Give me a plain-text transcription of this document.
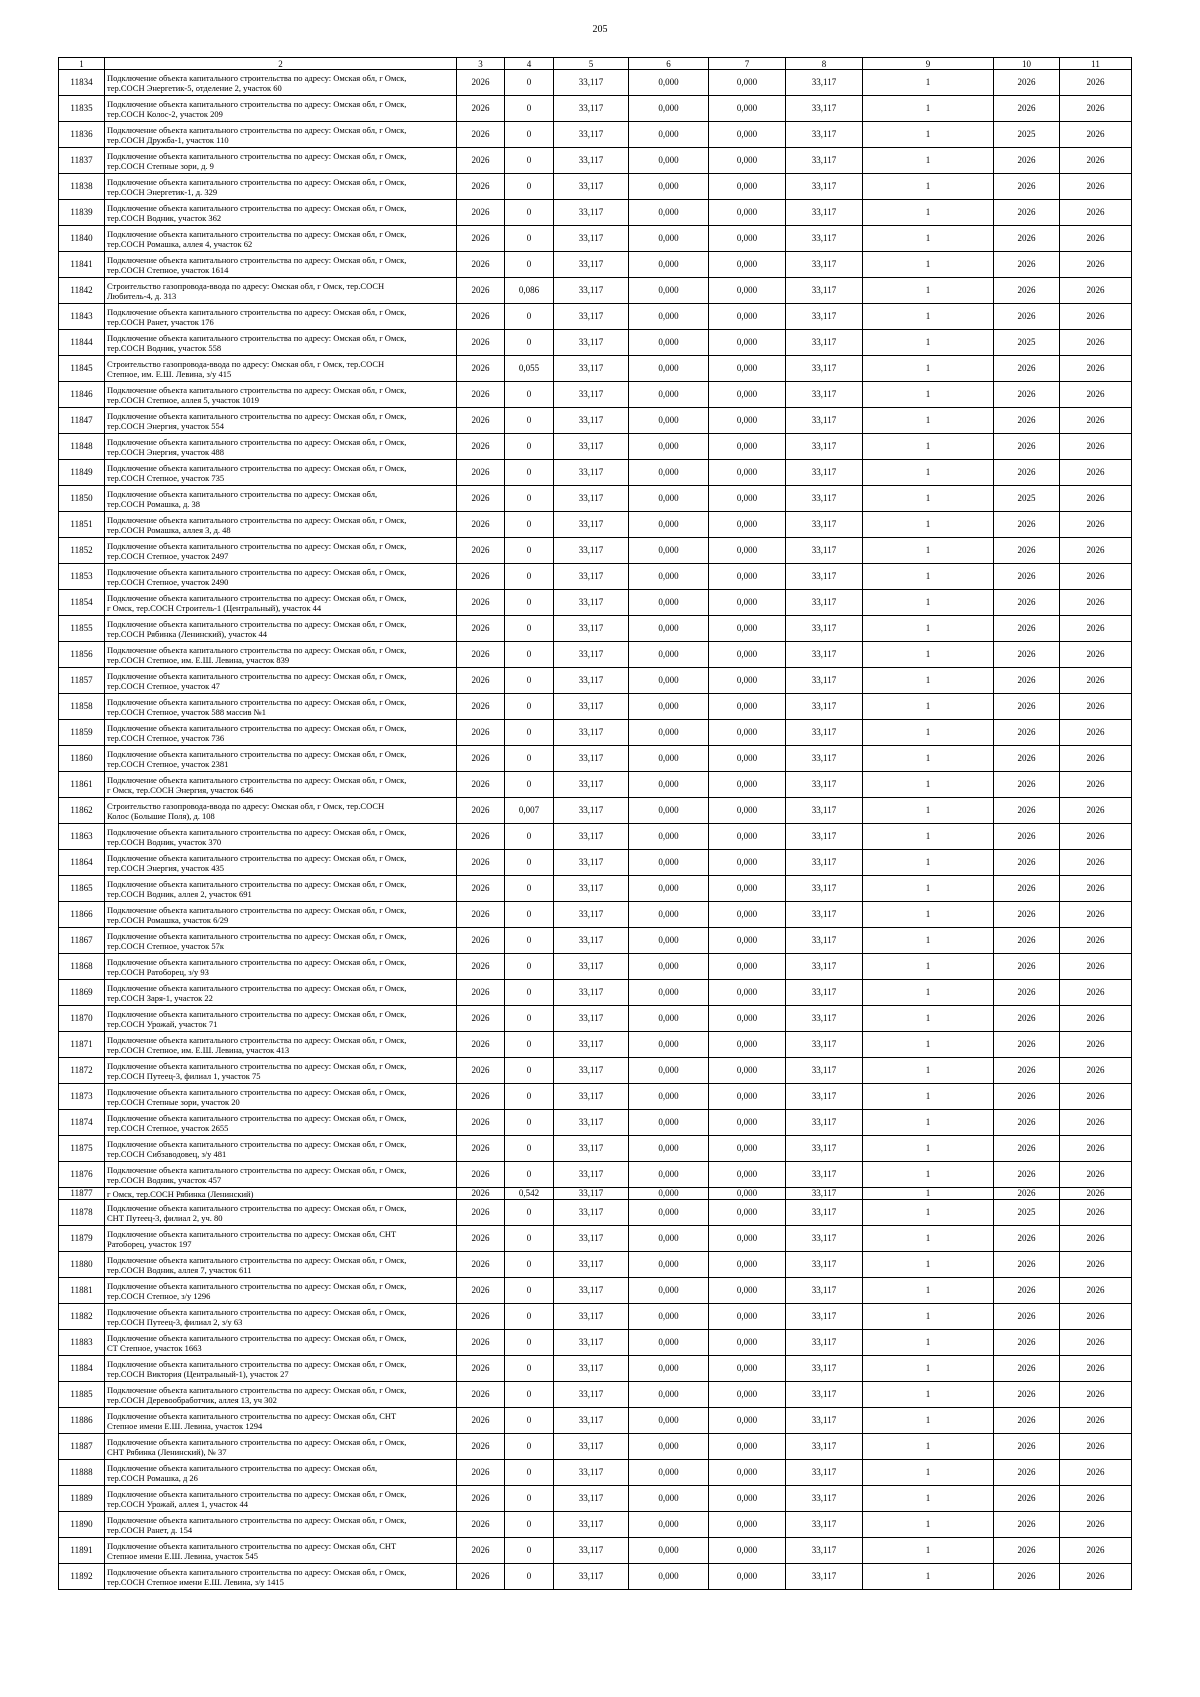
205
1	2	3	4	5	6	7	8	9	10	11
11834	Подключение объекта капитального строительства по адресу: Омская обл, г Омск,
тер.СОСН Энергетик-5, отделение 2, участок 60	2026	0	33,117	0,000	0,000	33,117	1	2026	2026
11835	Подключение объекта капитального строительства по адресу: Омская обл, г Омск,
тер.СОСН Колос-2, участок 209	2026	0	33,117	0,000	0,000	33,117	1	2026	2026
11836	Подключение объекта капитального строительства по адресу: Омская обл, г Омск,
тер.СОСН Дружба-1, участок 110	2026	0	33,117	0,000	0,000	33,117	1	2025	2026
11837	Подключение объекта капитального строительства по адресу: Омская обл, г Омск,
тер.СОСН Степные зори, д. 9	2026	0	33,117	0,000	0,000	33,117	1	2026	2026
11838	Подключение объекта капитального строительства по адресу: Омская обл, г Омск,
тер.СОСН Энергетик-1, д. 329	2026	0	33,117	0,000	0,000	33,117	1	2026	2026
11839	Подключение объекта капитального строительства по адресу: Омская обл, г Омск,
тер.СОСН Водник, участок 362	2026	0	33,117	0,000	0,000	33,117	1	2026	2026
11840	Подключение объекта капитального строительства по адресу: Омская обл, г Омск,
тер.СОСН Ромашка, аллея 4, участок 62	2026	0	33,117	0,000	0,000	33,117	1	2026	2026
11841	Подключение объекта капитального строительства по адресу: Омская обл, г Омск,
тер.СОСН Степное, участок 1614	2026	0	33,117	0,000	0,000	33,117	1	2026	2026
11842	Строительство газопровода-ввода по адресу: Омская обл, г Омск, тер.СОСН
Любитель-4, д. 313	2026	0,086	33,117	0,000	0,000	33,117	1	2026	2026
11843	Подключение объекта капитального строительства по адресу: Омская обл, г Омск,
тер.СОСН Ранет, участок 176	2026	0	33,117	0,000	0,000	33,117	1	2026	2026
11844	Подключение объекта капитального строительства по адресу: Омская обл, г Омск,
тер.СОСН Водник, участок 558	2026	0	33,117	0,000	0,000	33,117	1	2025	2026
11845	Строительство газопровода-ввода по адресу: Омская обл, г Омск, тер.СОСН
Степное, им. Е.Ш. Левина, з/у 415	2026	0,055	33,117	0,000	0,000	33,117	1	2026	2026
11846	Подключение объекта капитального строительства по адресу: Омская обл, г Омск,
тер.СОСН Степное, аллея 5, участок 1019	2026	0	33,117	0,000	0,000	33,117	1	2026	2026
11847	Подключение объекта капитального строительства по адресу: Омская обл, г Омск,
тер.СОСН Энергия, участок 554	2026	0	33,117	0,000	0,000	33,117	1	2026	2026
11848	Подключение объекта капитального строительства по адресу: Омская обл, г Омск,
тер.СОСН Энергия, участок 488	2026	0	33,117	0,000	0,000	33,117	1	2026	2026
11849	Подключение объекта капитального строительства по адресу: Омская обл, г Омск,
тер.СОСН Степное, участок 735	2026	0	33,117	0,000	0,000	33,117	1	2026	2026
11850	Подключение объекта капитального строительства по адресу: Омская обл,
тер.СОСН Ромашка, д. 38	2026	0	33,117	0,000	0,000	33,117	1	2025	2026
11851	Подключение объекта капитального строительства по адресу: Омская обл, г Омск,
тер.СОСН Ромашка, аллея 3, д. 48	2026	0	33,117	0,000	0,000	33,117	1	2026	2026
11852	Подключение объекта капитального строительства по адресу: Омская обл, г Омск,
тер.СОСН Степное, участок 2497	2026	0	33,117	0,000	0,000	33,117	1	2026	2026
11853	Подключение объекта капитального строительства по адресу: Омская обл, г Омск,
тер.СОСН Степное, участок 2490	2026	0	33,117	0,000	0,000	33,117	1	2026	2026
11854	Подключение объекта капитального строительства по адресу: Омская обл, г Омск,
г Омск, тер.СОСН Строитель-1 (Центральный), участок 44	2026	0	33,117	0,000	0,000	33,117	1	2026	2026
11855	Подключение объекта капитального строительства по адресу: Омская обл, г Омск,
тер.СОСН Рябинка (Ленинский), участок 44	2026	0	33,117	0,000	0,000	33,117	1	2026	2026
11856	Подключение объекта капитального строительства по адресу: Омская обл, г Омск,
тер.СОСН Степное, им. Е.Ш. Левина, участок 839	2026	0	33,117	0,000	0,000	33,117	1	2026	2026
11857	Подключение объекта капитального строительства по адресу: Омская обл, г Омск,
тер.СОСН Степное, участок 47	2026	0	33,117	0,000	0,000	33,117	1	2026	2026
11858	Подключение объекта капитального строительства по адресу: Омская обл, г Омск,
тер.СОСН Степное, участок 588 массив №1	2026	0	33,117	0,000	0,000	33,117	1	2026	2026
11859	Подключение объекта капитального строительства по адресу: Омская обл, г Омск,
тер.СОСН Степное, участок 736	2026	0	33,117	0,000	0,000	33,117	1	2026	2026
11860	Подключение объекта капитального строительства по адресу: Омская обл, г Омск,
тер.СОСН Степное, участок 2381	2026	0	33,117	0,000	0,000	33,117	1	2026	2026
11861	Подключение объекта капитального строительства по адресу: Омская обл, г Омск,
г Омск, тер.СОСН Энергия, участок 646	2026	0	33,117	0,000	0,000	33,117	1	2026	2026
11862	Строительство газопровода-ввода по адресу: Омская обл, г Омск, тер.СОСН
Колос (Большие Поля), д. 108	2026	0,007	33,117	0,000	0,000	33,117	1	2026	2026
11863	Подключение объекта капитального строительства по адресу: Омская обл, г Омск,
тер.СОСН Водник, участок 370	2026	0	33,117	0,000	0,000	33,117	1	2026	2026
11864	Подключение объекта капитального строительства по адресу: Омская обл, г Омск,
тер.СОСН Энергия, участок 435	2026	0	33,117	0,000	0,000	33,117	1	2026	2026
11865	Подключение объекта капитального строительства по адресу: Омская обл, г Омск,
тер.СОСН Водник, аллея 2, участок 691	2026	0	33,117	0,000	0,000	33,117	1	2026	2026
11866	Подключение объекта капитального строительства по адресу: Омская обл, г Омск,
тер.СОСН Ромашка, участок 6/29	2026	0	33,117	0,000	0,000	33,117	1	2026	2026
11867	Подключение объекта капитального строительства по адресу: Омская обл, г Омск,
тер.СОСН Степное, участок 57к	2026	0	33,117	0,000	0,000	33,117	1	2026	2026
11868	Подключение объекта капитального строительства по адресу: Омская обл, г Омск,
тер.СОСН Ратоборец, з/у 93	2026	0	33,117	0,000	0,000	33,117	1	2026	2026
11869	Подключение объекта капитального строительства по адресу: Омская обл, г Омск,
тер.СОСН Заря-1, участок 22	2026	0	33,117	0,000	0,000	33,117	1	2026	2026
11870	Подключение объекта капитального строительства по адресу: Омская обл, г Омск,
тер.СОСН Урожай, участок 71	2026	0	33,117	0,000	0,000	33,117	1	2026	2026
11871	Подключение объекта капитального строительства по адресу: Омская обл, г Омск,
тер.СОСН Степное, им. Е.Ш. Левина, участок 413	2026	0	33,117	0,000	0,000	33,117	1	2026	2026
11872	Подключение объекта капитального строительства по адресу: Омская обл, г Омск,
тер.СОСН Путеец-3, филиал 1, участок 75	2026	0	33,117	0,000	0,000	33,117	1	2026	2026
11873	Подключение объекта капитального строительства по адресу: Омская обл, г Омск,
тер.СОСН Степные зори, участок 20	2026	0	33,117	0,000	0,000	33,117	1	2026	2026
11874	Подключение объекта капитального строительства по адресу: Омская обл, г Омск,
тер.СОСН Степное, участок 2655	2026	0	33,117	0,000	0,000	33,117	1	2026	2026
11875	Подключение объекта капитального строительства по адресу: Омская обл, г Омск,
тер.СОСН Сибзаводовец, з/у 481	2026	0	33,117	0,000	0,000	33,117	1	2026	2026
11876	Подключение объекта капитального строительства по адресу: Омская обл, г Омск,
тер.СОСН Водник, участок 457	2026	0	33,117	0,000	0,000	33,117	1	2026	2026
11877	г Омск, тер.СОСН Рябинка (Ленинский)	2026	0,542	33,117	0,000	0,000	33,117	1	2026	2026
11878	Подключение объекта капитального строительства по адресу: Омская обл, г Омск,
СНТ Путеец-3, филиал 2, уч. 80	2026	0	33,117	0,000	0,000	33,117	1	2025	2026
11879	Подключение объекта капитального строительства по адресу: Омская обл, СНТ
Ратоборец, участок 197	2026	0	33,117	0,000	0,000	33,117	1	2026	2026
11880	Подключение объекта капитального строительства по адресу: Омская обл, г Омск,
тер.СОСН Водник, аллея 7, участок 611	2026	0	33,117	0,000	0,000	33,117	1	2026	2026
11881	Подключение объекта капитального строительства по адресу: Омская обл, г Омск,
тер.СОСН Степное, з/у 1296	2026	0	33,117	0,000	0,000	33,117	1	2026	2026
11882	Подключение объекта капитального строительства по адресу: Омская обл, г Омск,
тер.СОСН Путеец-3, филиал 2, з/у 63	2026	0	33,117	0,000	0,000	33,117	1	2026	2026
11883	Подключение объекта капитального строительства по адресу: Омская обл, г Омск,
СТ Степное, участок 1663	2026	0	33,117	0,000	0,000	33,117	1	2026	2026
11884	Подключение объекта капитального строительства по адресу: Омская обл, г Омск,
тер.СОСН Виктория (Центральный-1), участок 27	2026	0	33,117	0,000	0,000	33,117	1	2026	2026
11885	Подключение объекта капитального строительства по адресу: Омская обл, г Омск,
тер.СОСН Деревообработчик, аллея 13, уч 302	2026	0	33,117	0,000	0,000	33,117	1	2026	2026
11886	Подключение объекта капитального строительства по адресу: Омская обл, СНТ
Степное имени Е.Ш. Левина, участок 1294	2026	0	33,117	0,000	0,000	33,117	1	2026	2026
11887	Подключение объекта капитального строительства по адресу: Омская обл, г Омск,
СНТ Рябинка (Ленинский), № 37	2026	0	33,117	0,000	0,000	33,117	1	2026	2026
11888	Подключение объекта капитального строительства по адресу: Омская обл,
тер.СОСН Ромашка, д 26	2026	0	33,117	0,000	0,000	33,117	1	2026	2026
11889	Подключение объекта капитального строительства по адресу: Омская обл, г Омск,
тер.СОСН Урожай, аллея 1, участок 44	2026	0	33,117	0,000	0,000	33,117	1	2026	2026
11890	Подключение объекта капитального строительства по адресу: Омская обл, г Омск,
тер.СОСН Ранет, д. 154	2026	0	33,117	0,000	0,000	33,117	1	2026	2026
11891	Подключение объекта капитального строительства по адресу: Омская обл, СНТ
Степное имени Е.Ш. Левина, участок 545	2026	0	33,117	0,000	0,000	33,117	1	2026	2026
11892	Подключение объекта капитального строительства по адресу: Омская обл, г Омск,
тер.СОСН Степное имени Е.Ш. Левина, з/у 1415	2026	0	33,117	0,000	0,000	33,117	1	2026	2026
